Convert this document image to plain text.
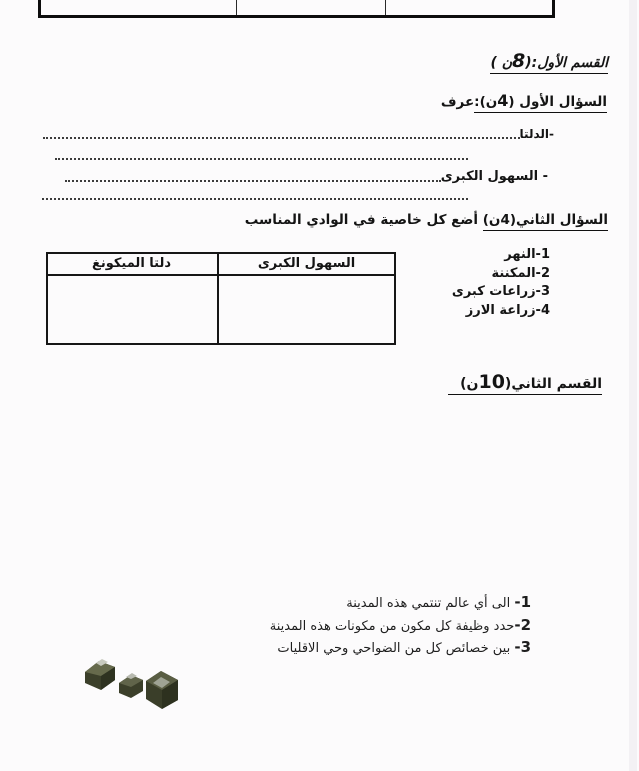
القسم الأول:(8ن )
السؤال الأول (4ن):عرف
-الدلتا
- السهول الكبرى
السؤال الثاني(4ن) أضع كل خاصية في الوادي المناسب
1-النهر
2-المكننة
3-زراعات كبرى
4-زراعة الارز
السهول الكبرى
دلتا الميكونغ
القسم الثاني(10ن)
1- الى أي عالم تنتمي هذه المدينة
2-حدد وظيفة كل مكون من مكونات هذه المدينة
3- بين خصائص كل من الضواحي وحي الاقليات
